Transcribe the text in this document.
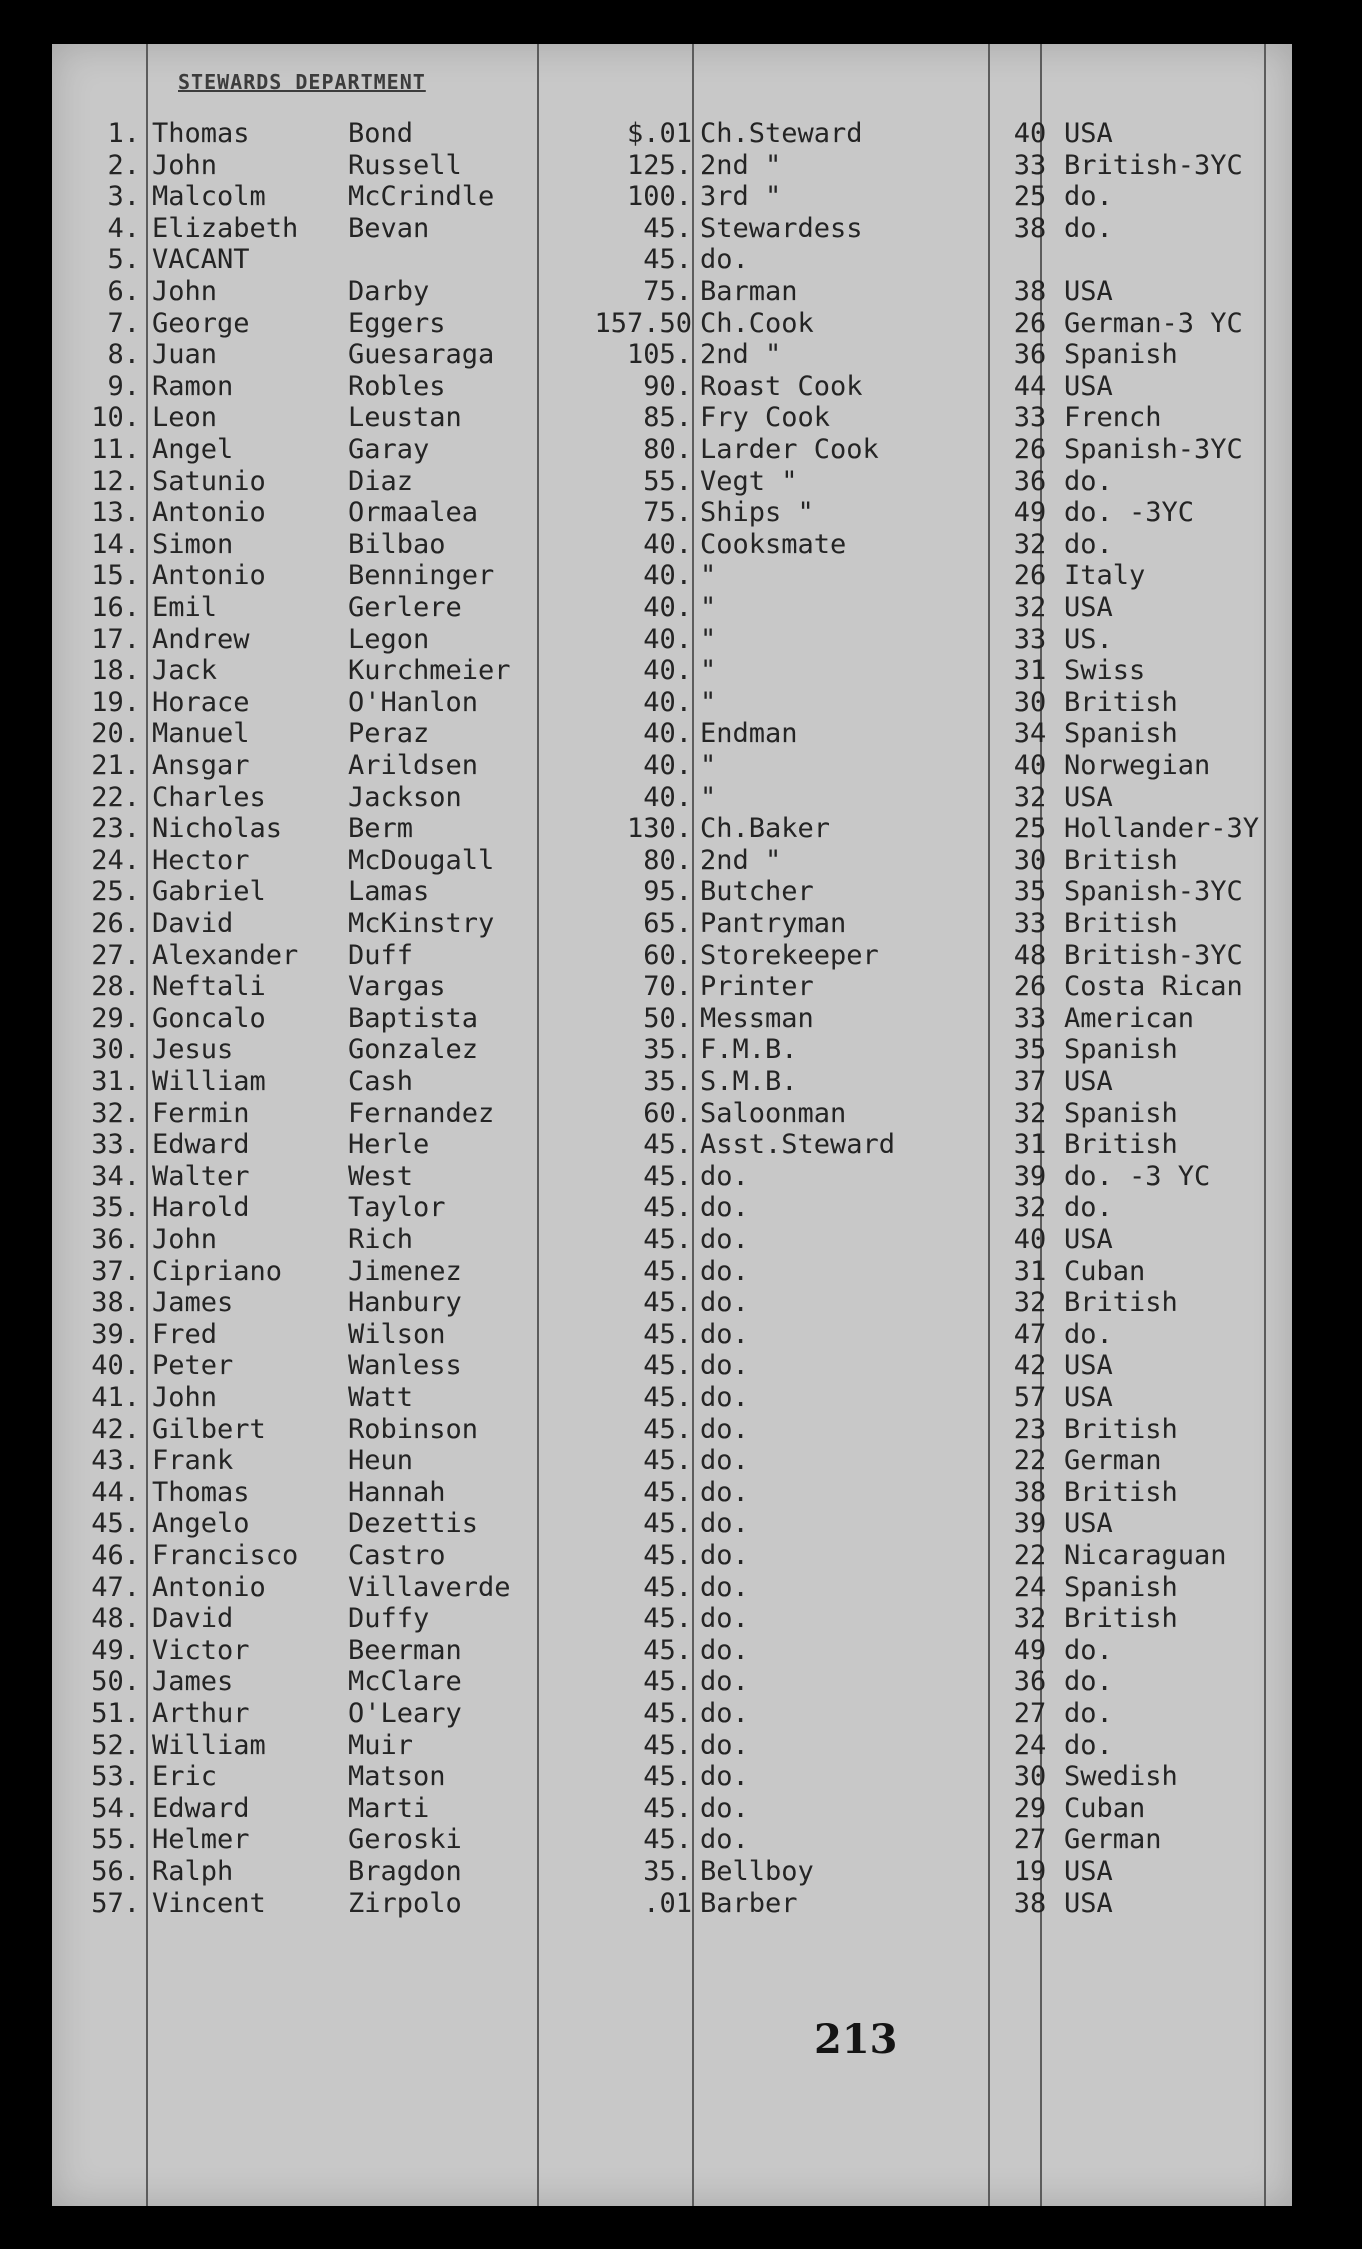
STEWARDS DEPARTMENT
1. Thomas	Bond	$.01 Ch.Steward	40 USA
2. John	Russell	125. 2nd "	33 British-3YC
3. Malcolm	McCrindle	100. 3rd "	25 do.
4. Elizabeth Bevan	45. Stewardess	38 do.
5. VACANT	45. do.
6. John	Darby	75. Barman	38 USA
7. George	Eggers	157.50 Ch.Cook	26 German-3 YC
8. Juan	Guesaraga	105. 2nd "	36 Spanish
9. Ramon	Robles	90. Roast Cook	44 USA
10. Leon	Leustan	85. Fry Cook	33 French
11. Angel	Garay	80. Larder Cook	26 Spanish-3YC
12. Satunio	Diaz	55. Vegt "	36 do.
13. Antonio	Ormaalea	75. Ships "	49 do. -3YC
14. Simon	Bilbao	40. Cooksmate	32 do.
15. Antonio	Benninger	40. "	26 Italy
16. Emil	Gerlere	40. "	32 USA
17. Andrew	Legon	40. "	33 US.
18. Jack	Kurchmeier	40. "	31 Swiss
19. Horace	O'Hanlon	40. "	30 British
20. Manuel	Peraz	40. Endman	34 Spanish
21. Ansgar	Arildsen	40. "	40 Norwegian
22. Charles	Jackson	40. "	32 USA
23. Nicholas Berm	130. Ch.Baker	25 Hollander-3Y
24. Hector	McDougall	80. 2nd "	30 British
25. Gabriel	Lamas	95. Butcher	35 Spanish-3YC
26. David	McKinstry	65. Pantryman	33 British
27. Alexander Duff	60. Storekeeper	48 British-3YC
28. Neftali	Vargas	70. Printer	26 Costa Rican
29. Goncalo	Baptista	50. Messman	33 American
30. Jesus	Gonzalez	35. F.M.B.	35 Spanish
31. William	Cash	35. S.M.B.	37 USA
32. Fermin	Fernandez	60. Saloonman	32 Spanish
33. Edward	Herle	45. Asst.Steward	31 British
34. Walter	West	45. do.	39 do. -3 YC
35. Harold	Taylor	45. do.	32 do.
36. John	Rich	45. do.	40 USA
37. Cipriano Jimenez	45. do.	31 Cuban
38. James	Hanbury	45. do.	32 British
39. Fred	Wilson	45. do.	47 do.
40. Peter	Wanless	45. do.	42 USA
41. John	Watt	45. do.	57 USA
42. Gilbert	Robinson	45. do.	23 British
43. Frank	Heun	45. do.	22 German
44. Thomas	Hannah	45. do.	38 British
45. Angelo	Dezettis	45. do.	39 USA
46. Francisco Castro	45. do.	22 Nicaraguan
47. Antonio	Villaverde	45. do.	24 Spanish
48. David	Duffy	45. do.	32 British
49. Victor	Beerman	45. do.	49 do.
50. James	McClare	45. do.	36 do.
51. Arthur	O'Leary	45. do.	27 do.
52. William	Muir	45. do.	24 do.
53. Eric	Matson	45. do.	30 Swedish
54. Edward	Marti	45. do.	29 Cuban
55. Helmer	Geroski	45. do.	27 German
56. Ralph	Bragdon	35. Bellboy	19 USA
57. Vincent	Zirpolo	.01 Barber	38 USA
213
